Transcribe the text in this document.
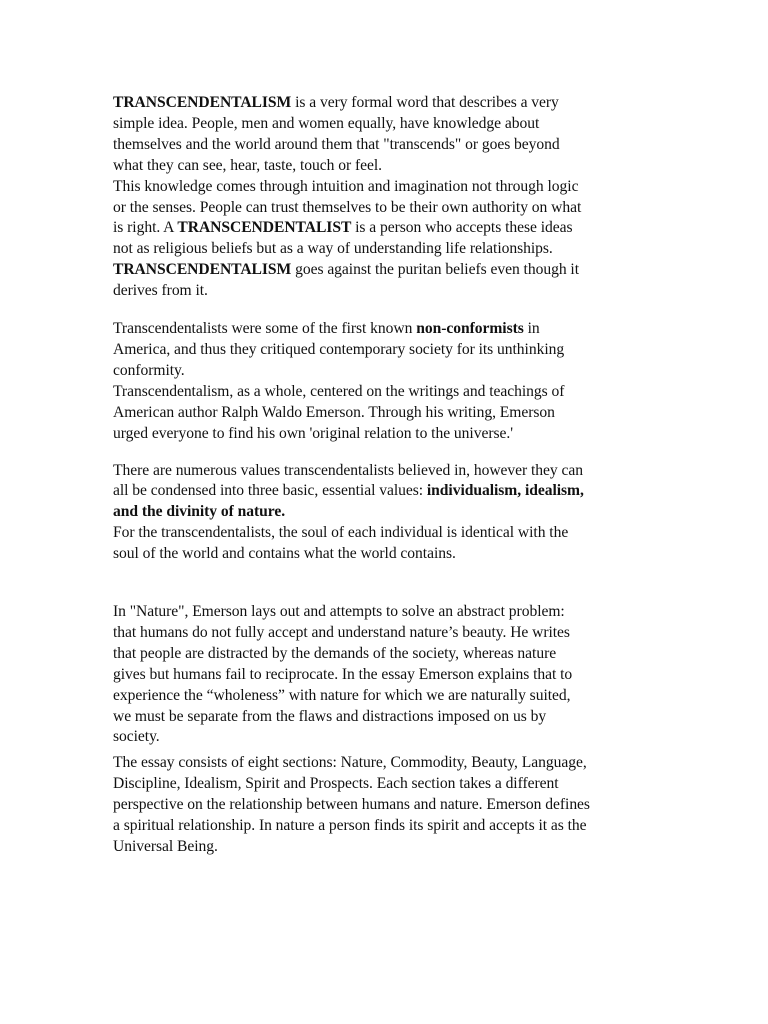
TRANSCENDENTALISM is a very formal word that describes a very
simple idea. People, men and women equally, have knowledge about
themselves and the world around them that "transcends" or goes beyond
what they can see, hear, taste, touch or feel.
This knowledge comes through intuition and imagination not through logic
or the senses. People can trust themselves to be their own authority on what
is right. A TRANSCENDENTALIST is a person who accepts these ideas
not as religious beliefs but as a way of understanding life relationships.
TRANSCENDENTALISM goes against the puritan beliefs even though it
derives from it.
Transcendentalists were some of the first known non-conformists in
America, and thus they critiqued contemporary society for its unthinking
conformity.
Transcendentalism, as a whole, centered on the writings and teachings of
American author Ralph Waldo Emerson. Through his writing, Emerson
urged everyone to find his own 'original relation to the universe.'
There are numerous values transcendentalists believed in, however they can
all be condensed into three basic, essential values: individualism, idealism,
and the divinity of nature.
For the transcendentalists, the soul of each individual is identical with the
soul of the world and contains what the world contains.
In "Nature", Emerson lays out and attempts to solve an abstract problem:
that humans do not fully accept and understand nature’s beauty. He writes
that people are distracted by the demands of the society, whereas nature
gives but humans fail to reciprocate. In the essay Emerson explains that to
experience the “wholeness” with nature for which we are naturally suited,
we must be separate from the flaws and distractions imposed on us by
society.
The essay consists of eight sections: Nature, Commodity, Beauty, Language,
Discipline, Idealism, Spirit and Prospects. Each section takes a different
perspective on the relationship between humans and nature. Emerson defines
a spiritual relationship. In nature a person finds its spirit and accepts it as the
Universal Being.
